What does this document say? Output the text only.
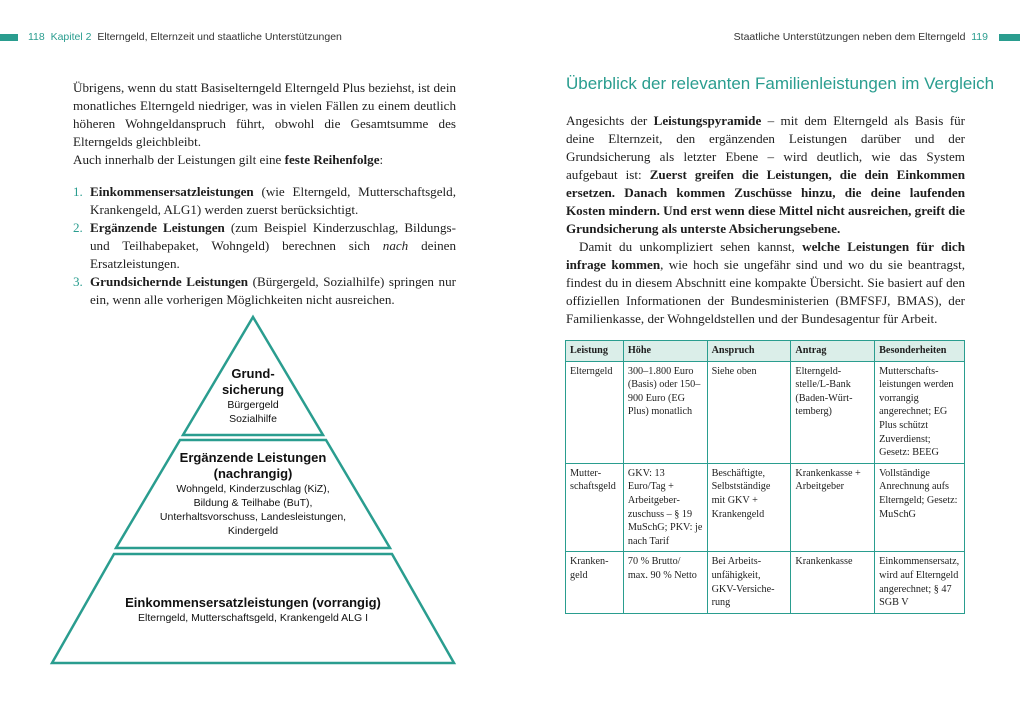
118 Kapitel 2 Elterngeld, Elternzeit und staatliche Unterstützungen	Staatliche Unterstützungen neben dem Elterngeld 119

Übrigens, wenn du statt Basiselterngeld Elterngeld Plus beziehst, ist dein monatliches Elterngeld niedriger, was in vielen Fällen zu einem deutlich höheren Wohngeldanspruch führt, obwohl die Gesamtsumme des Elterngelds gleichbleibt.

Auch innerhalb der Leistungen gilt eine feste Reihenfolge:

1. Einkommensersatzleistungen (wie Elterngeld, Mutterschaftsgeld, Krankengeld, ALG1) werden zuerst berücksichtigt.
2. Ergänzende Leistungen (zum Beispiel Kinderzuschlag, Bildungs- und Teilhabepaket, Wohngeld) berechnen sich nach deinen Ersatzleistungen.
3. Grundsichernde Leistungen (Bürgergeld, Sozialhilfe) springen nur ein, wenn alle vorherigen Möglichkeiten nicht ausreichen.
Grund-
sicherung
Bürgergeld
Sozialhilfe
Ergänzende Leistungen
(nachrangig)
Wohngeld, Kinderzuschlag (KiZ),
Bildung & Teilhabe (BuT),
Unterhaltsvorschuss, Landesleistungen,
Kindergeld
Einkommensersatzleistungen (vorrangig)
Elterngeld, Mutterschaftsgeld, Krankengeld ALG I
Überblick der relevanten Familienleistungen im Vergleich

Angesichts der Leistungspyramide – mit dem Elterngeld als Basis für deine Elternzeit, den ergänzenden Leistungen darüber und der Grundsicherung als letzter Ebene – wird deutlich, wie das System aufgebaut ist: Zuerst greifen die Leistungen, die dein Einkommen ersetzen. Danach kommen Zuschüsse hinzu, die deine laufenden Kosten mindern. Und erst wenn diese Mittel nicht ausreichen, greift die Grundsicherung als unterste Absicherungsebene.

Damit du unkompliziert sehen kannst, welche Leistungen für dich infrage kommen, wie hoch sie ungefähr sind und wo du sie beantragst, findest du in diesem Abschnitt eine kompakte Übersicht. Sie basiert auf den offiziellen Informationen der Bundesministerien (BMFSFJ, BMAS), der Familienkasse, der Wohngeldstellen und der Bundesagentur für Arbeit.

Leistung	Höhe	Anspruch	Antrag	Besonderheiten
Elterngeld	300–1.800 Euro (Basis) oder 150–900 Euro (EG Plus) monatlich	Siehe oben	Elterngeldstelle/L-Bank (Baden-Württemberg)	Mutterschaftsleistungen werden vorrangig angerechnet; EG Plus schützt Zuverdienst; Gesetz: BEEG
Mutterschaftsgeld	GKV: 13 Euro/Tag + Arbeitgeberzuschuss – § 19 MuSchG; PKV: je nach Tarif	Beschäftigte, Selbstständige mit GKV + Krankengeld	Krankenkasse + Arbeitgeber	Vollständige Anrechnung aufs Elterngeld; Gesetz: MuSchG
Krankengeld	70 % Brutto/ max. 90 % Netto	Bei Arbeitsunfähigkeit, GKV-Versicherung	Krankenkasse	Einkommensersatz, wird auf Elterngeld angerechnet; § 47 SGB V
